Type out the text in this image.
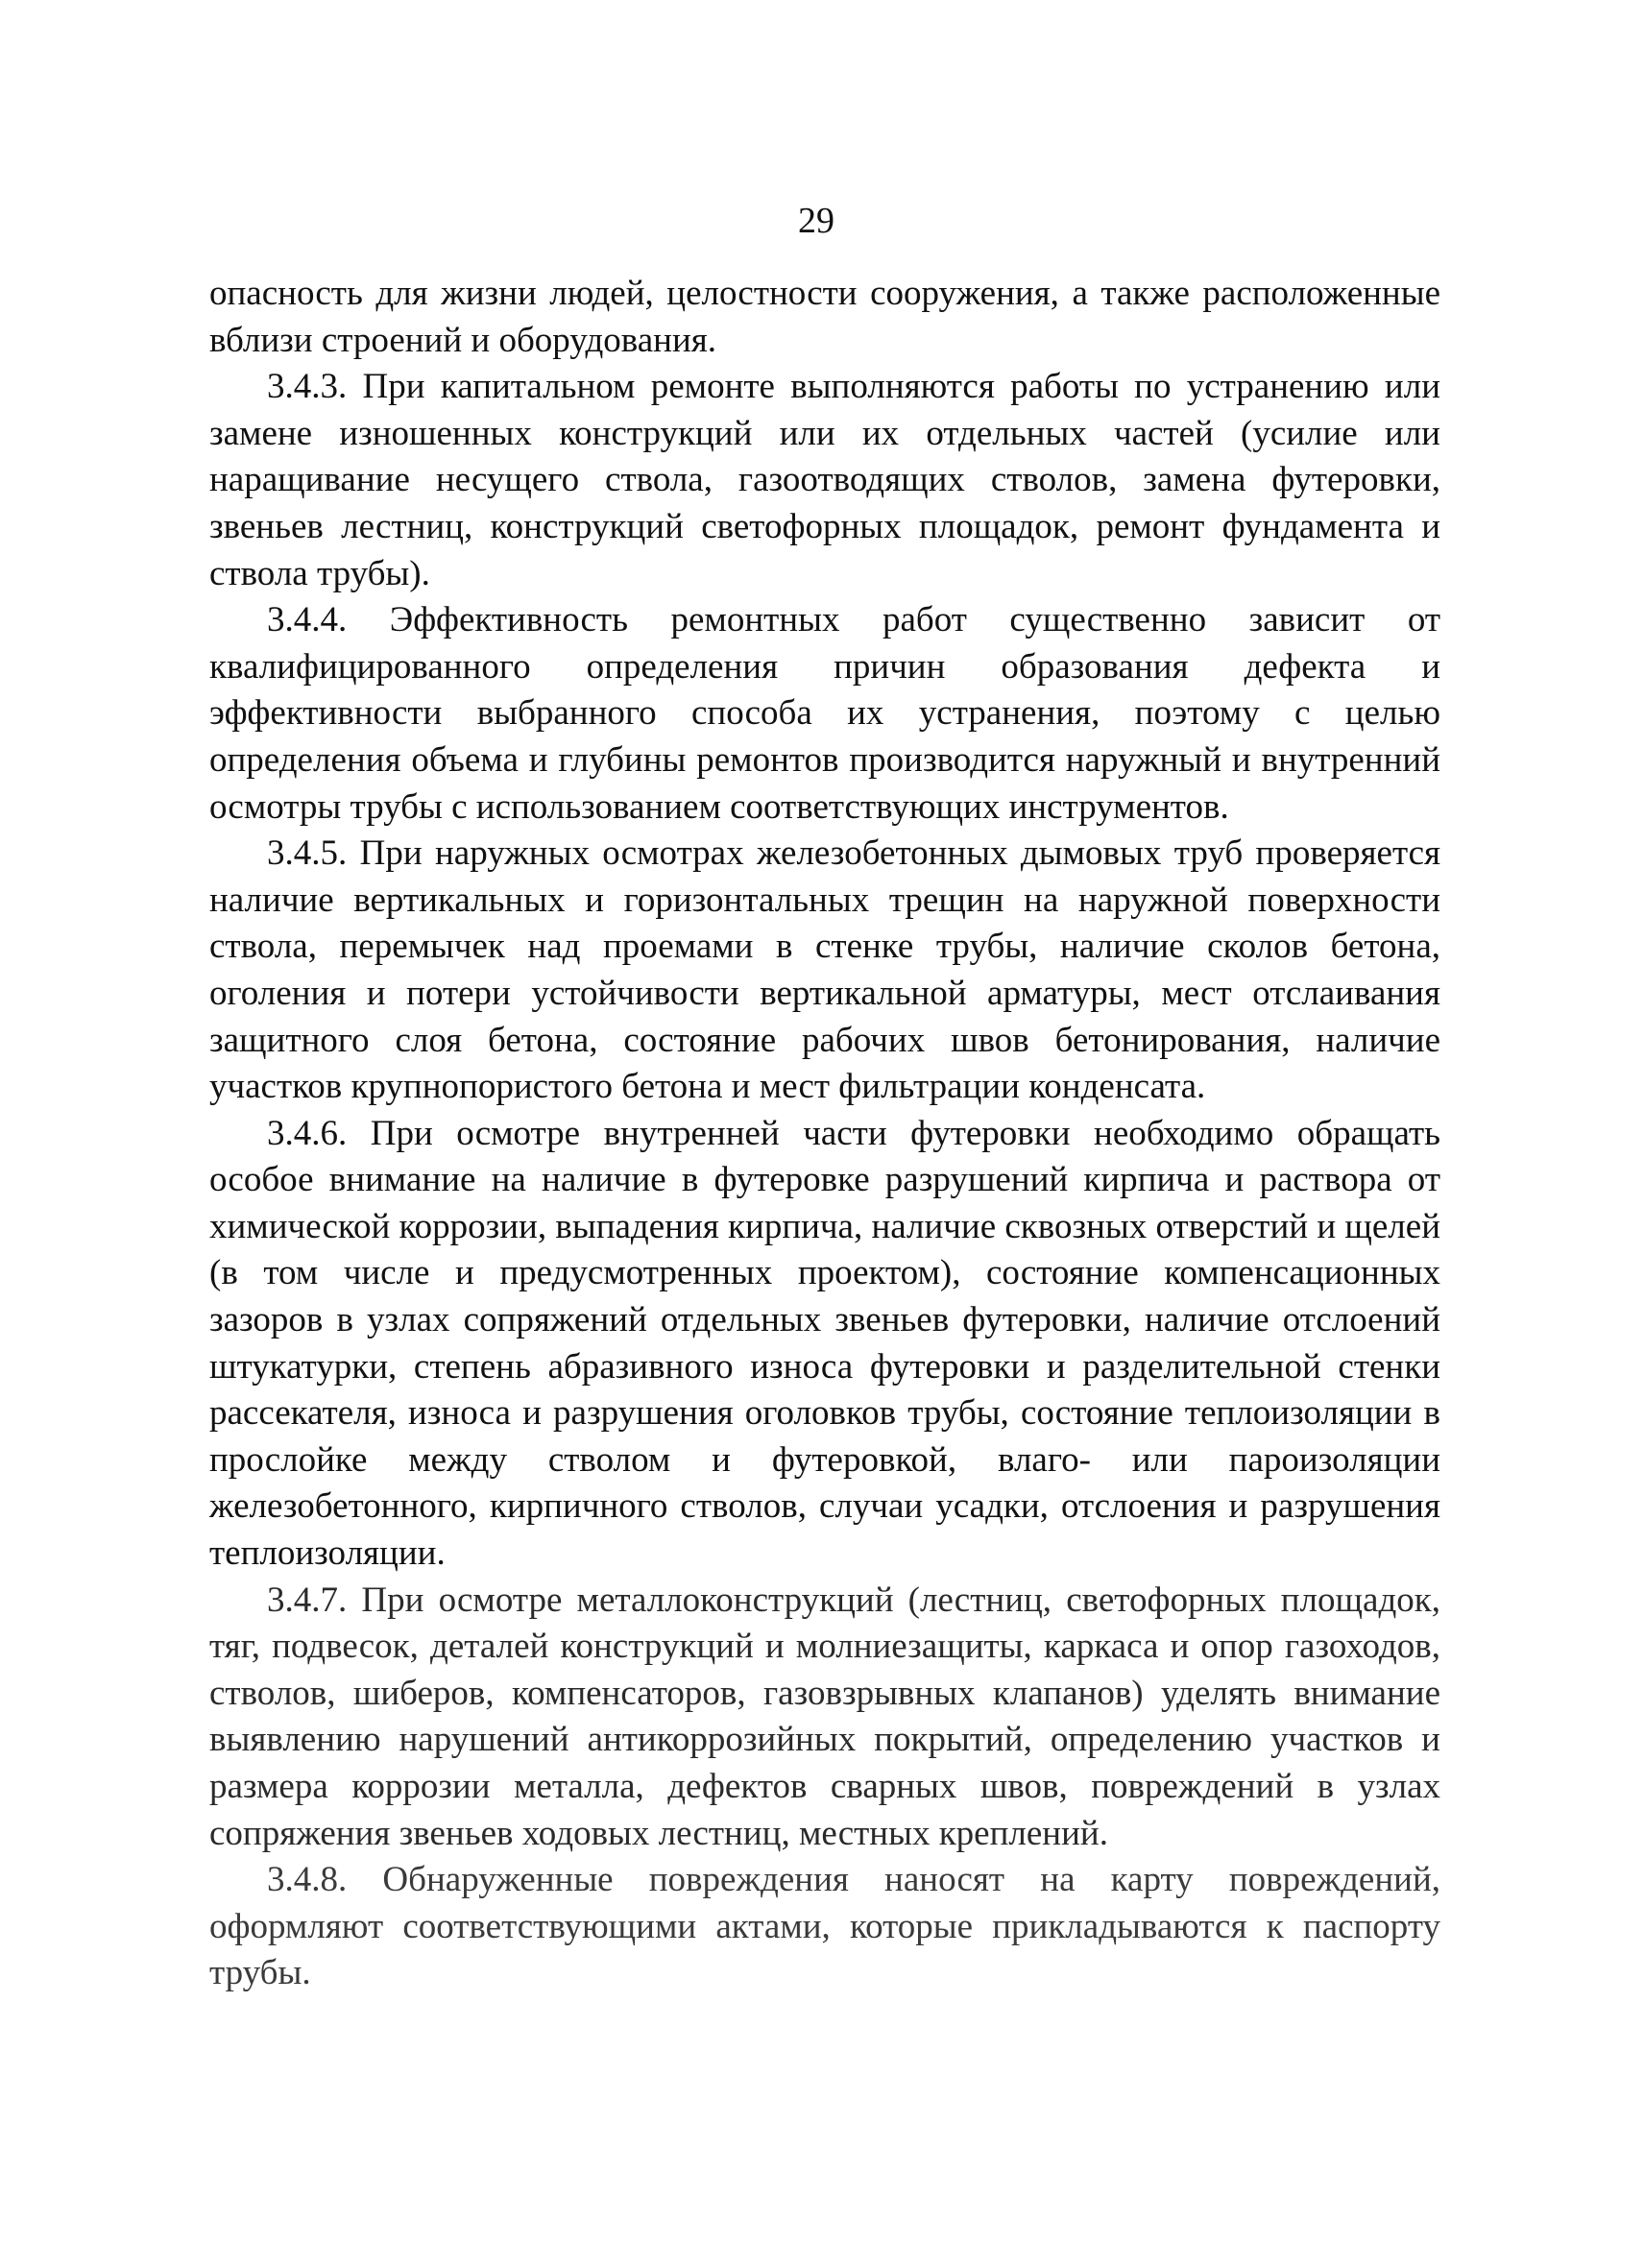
29

опасность для жизни людей, целостности сооружения, а также расположенные вблизи строений и оборудования.

3.4.3. При капитальном ремонте выполняются работы по устранению или замене изношенных конструкций или их отдельных частей (усилие или наращивание несущего ствола, газоотводящих стволов, замена футеровки, звеньев лестниц, конструкций светофорных площадок, ремонт фундамента и ствола трубы).

3.4.4. Эффективность ремонтных работ существенно зависит от квалифицированного определения причин образования дефекта и эффективности выбранного способа их устранения, поэтому с целью определения объема и глубины ремонтов производится наружный и внутренний осмотры трубы с использованием соответствующих инструментов.

3.4.5. При наружных осмотрах железобетонных дымовых труб проверяется наличие вертикальных и горизонтальных трещин на наружной поверхности ствола, перемычек над проемами в стенке трубы, наличие сколов бетона, оголения и потери устойчивости вертикальной арматуры, мест отслаивания защитного слоя бетона, состояние рабочих швов бетонирования, наличие участков крупнопористого бетона и мест фильтрации конденсата.

3.4.6. При осмотре внутренней части футеровки необходимо обращать особое внимание на наличие в футеровке разрушений кирпича и раствора от химической коррозии, выпадения кирпича, наличие сквозных отверстий и щелей (в том числе и предусмотренных проектом), состояние компенсационных зазоров в узлах сопряжений отдельных звеньев футеровки, наличие отслоений штукатурки, степень абразивного износа футеровки и разделительной стенки рассекателя, износа и разрушения оголовков трубы, состояние теплоизоляции в прослойке между стволом и футеровкой, влаго- или пароизоляции железобетонного, кирпичного стволов, случаи усадки, отслоения и разрушения теплоизоляции.

3.4.7. При осмотре металлоконструкций (лестниц, светофорных площадок, тяг, подвесок, деталей конструкций и молниезащиты, каркаса и опор газоходов, стволов, шиберов, компенсаторов, газовзрывных клапанов) уделять внимание выявлению нарушений антикоррозийных покрытий, определению участков и размера коррозии металла, дефектов сварных швов, повреждений в узлах сопряжения звеньев ходовых лестниц, местных креплений.

3.4.8. Обнаруженные повреждения наносят на карту повреждений, оформляют соответствующими актами, которые прикладываются к паспорту трубы.
